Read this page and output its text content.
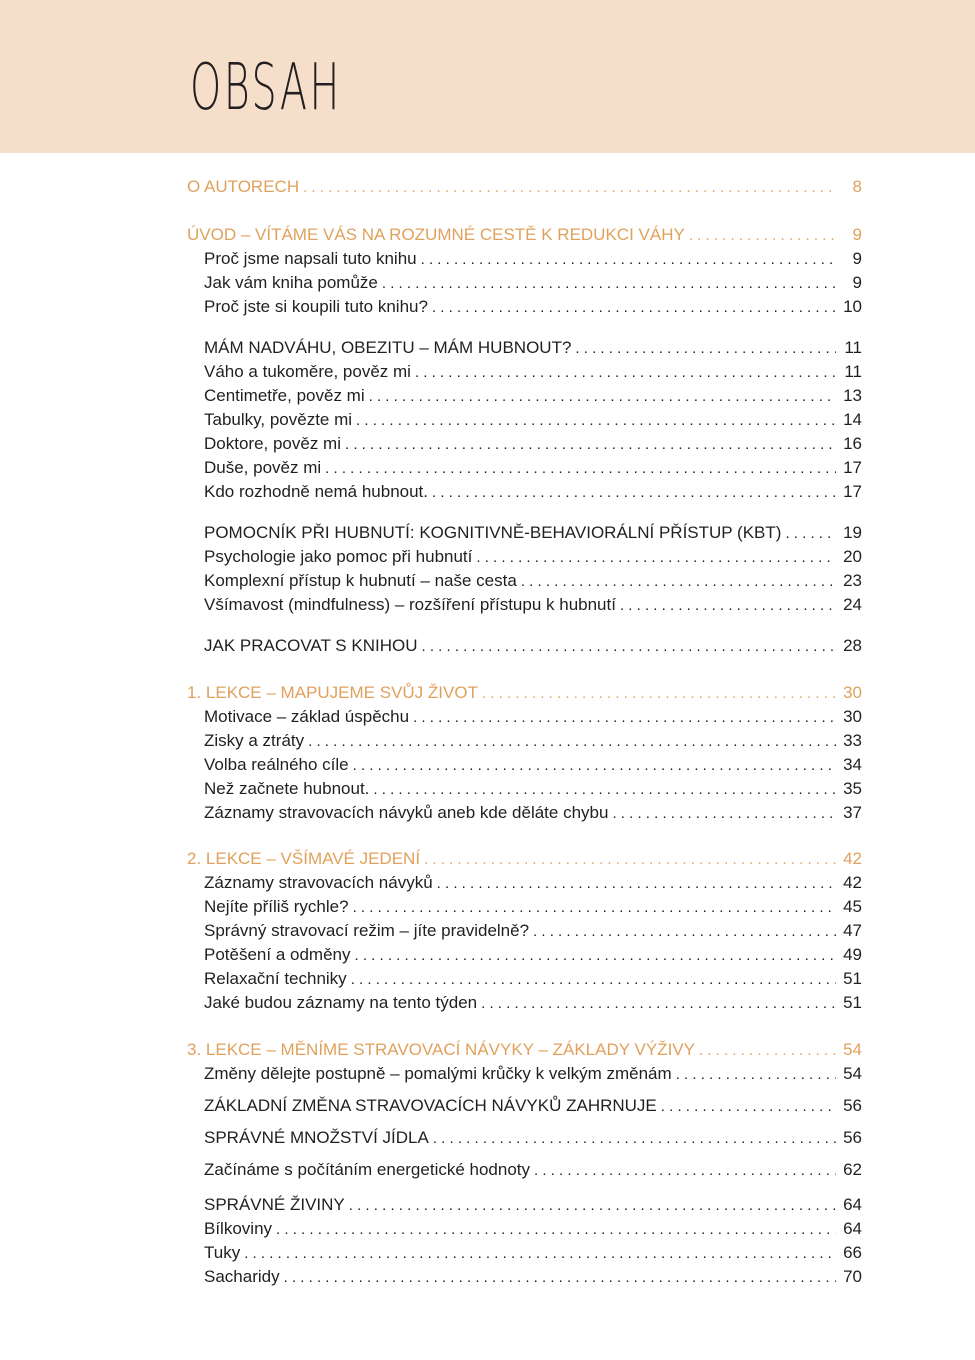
OBSAH
O AUTORECH . . .	8
ÚVOD – VÍTÁME VÁS NA ROZUMNÉ CESTĚ K REDUKCI VÁHY . . .	9
Proč jsme napsali tuto knihu . . .	9
Jak vám kniha pomůže . . .	9
Proč jste si koupili tuto knihu? . . .	10
MÁM NADVÁHU, OBEZITU – MÁM HUBNOUT? . . .	11
Váho a tukoměre, pověz mi . . .	11
Centimetře, pověz mi . . .	13
Tabulky, povězte mi . . .	14
Doktore, pověz mi . . .	16
Duše, pověz mi . . .	17
Kdo rozhodně nemá hubnout. . . .	17
POMOCNÍK PŘI HUBNUTÍ: KOGNITIVNĚ-BEHAVIORÁLNÍ PŘÍSTUP (KBT) . . .	19
Psychologie jako pomoc při hubnutí . . .	20
Komplexní přístup k hubnutí – naše cesta . . .	23
Všímavost (mindfulness) – rozšíření přístupu k hubnutí . . .	24
JAK PRACOVAT S KNIHOU . . .	28
1. LEKCE – MAPUJEME SVŮJ ŽIVOT . . .	30
Motivace – základ úspěchu . . .	30
Zisky a ztráty . . .	33
Volba reálného cíle . . .	34
Než začnete hubnout. . . .	35
Záznamy stravovacích návyků aneb kde děláte chybu . . .	37
2. LEKCE – VŠÍMAVÉ JEDENÍ . . .	42
Záznamy stravovacích návyků . . .	42
Nejíte příliš rychle? . . .	45
Správný stravovací režim – jíte pravidelně? . . .	47
Potěšení a odměny . . .	49
Relaxační techniky . . .	51
Jaké budou záznamy na tento týden . . .	51
3. LEKCE – MĚNÍME STRAVOVACÍ NÁVYKY – ZÁKLADY VÝŽIVY . . .	54
Změny dělejte postupně – pomalými krůčky k velkým změnám . . .	54
ZÁKLADNÍ ZMĚNA STRAVOVACÍCH NÁVYKŮ ZAHRNUJE . . .	56
SPRÁVNÉ MNOŽSTVÍ JÍDLA . . .	56
Začínáme s počítáním energetické hodnoty . . .	62
SPRÁVNÉ ŽIVINY . . .	64
Bílkoviny . . .	64
Tuky . . .	66
Sacharidy . . .	70
